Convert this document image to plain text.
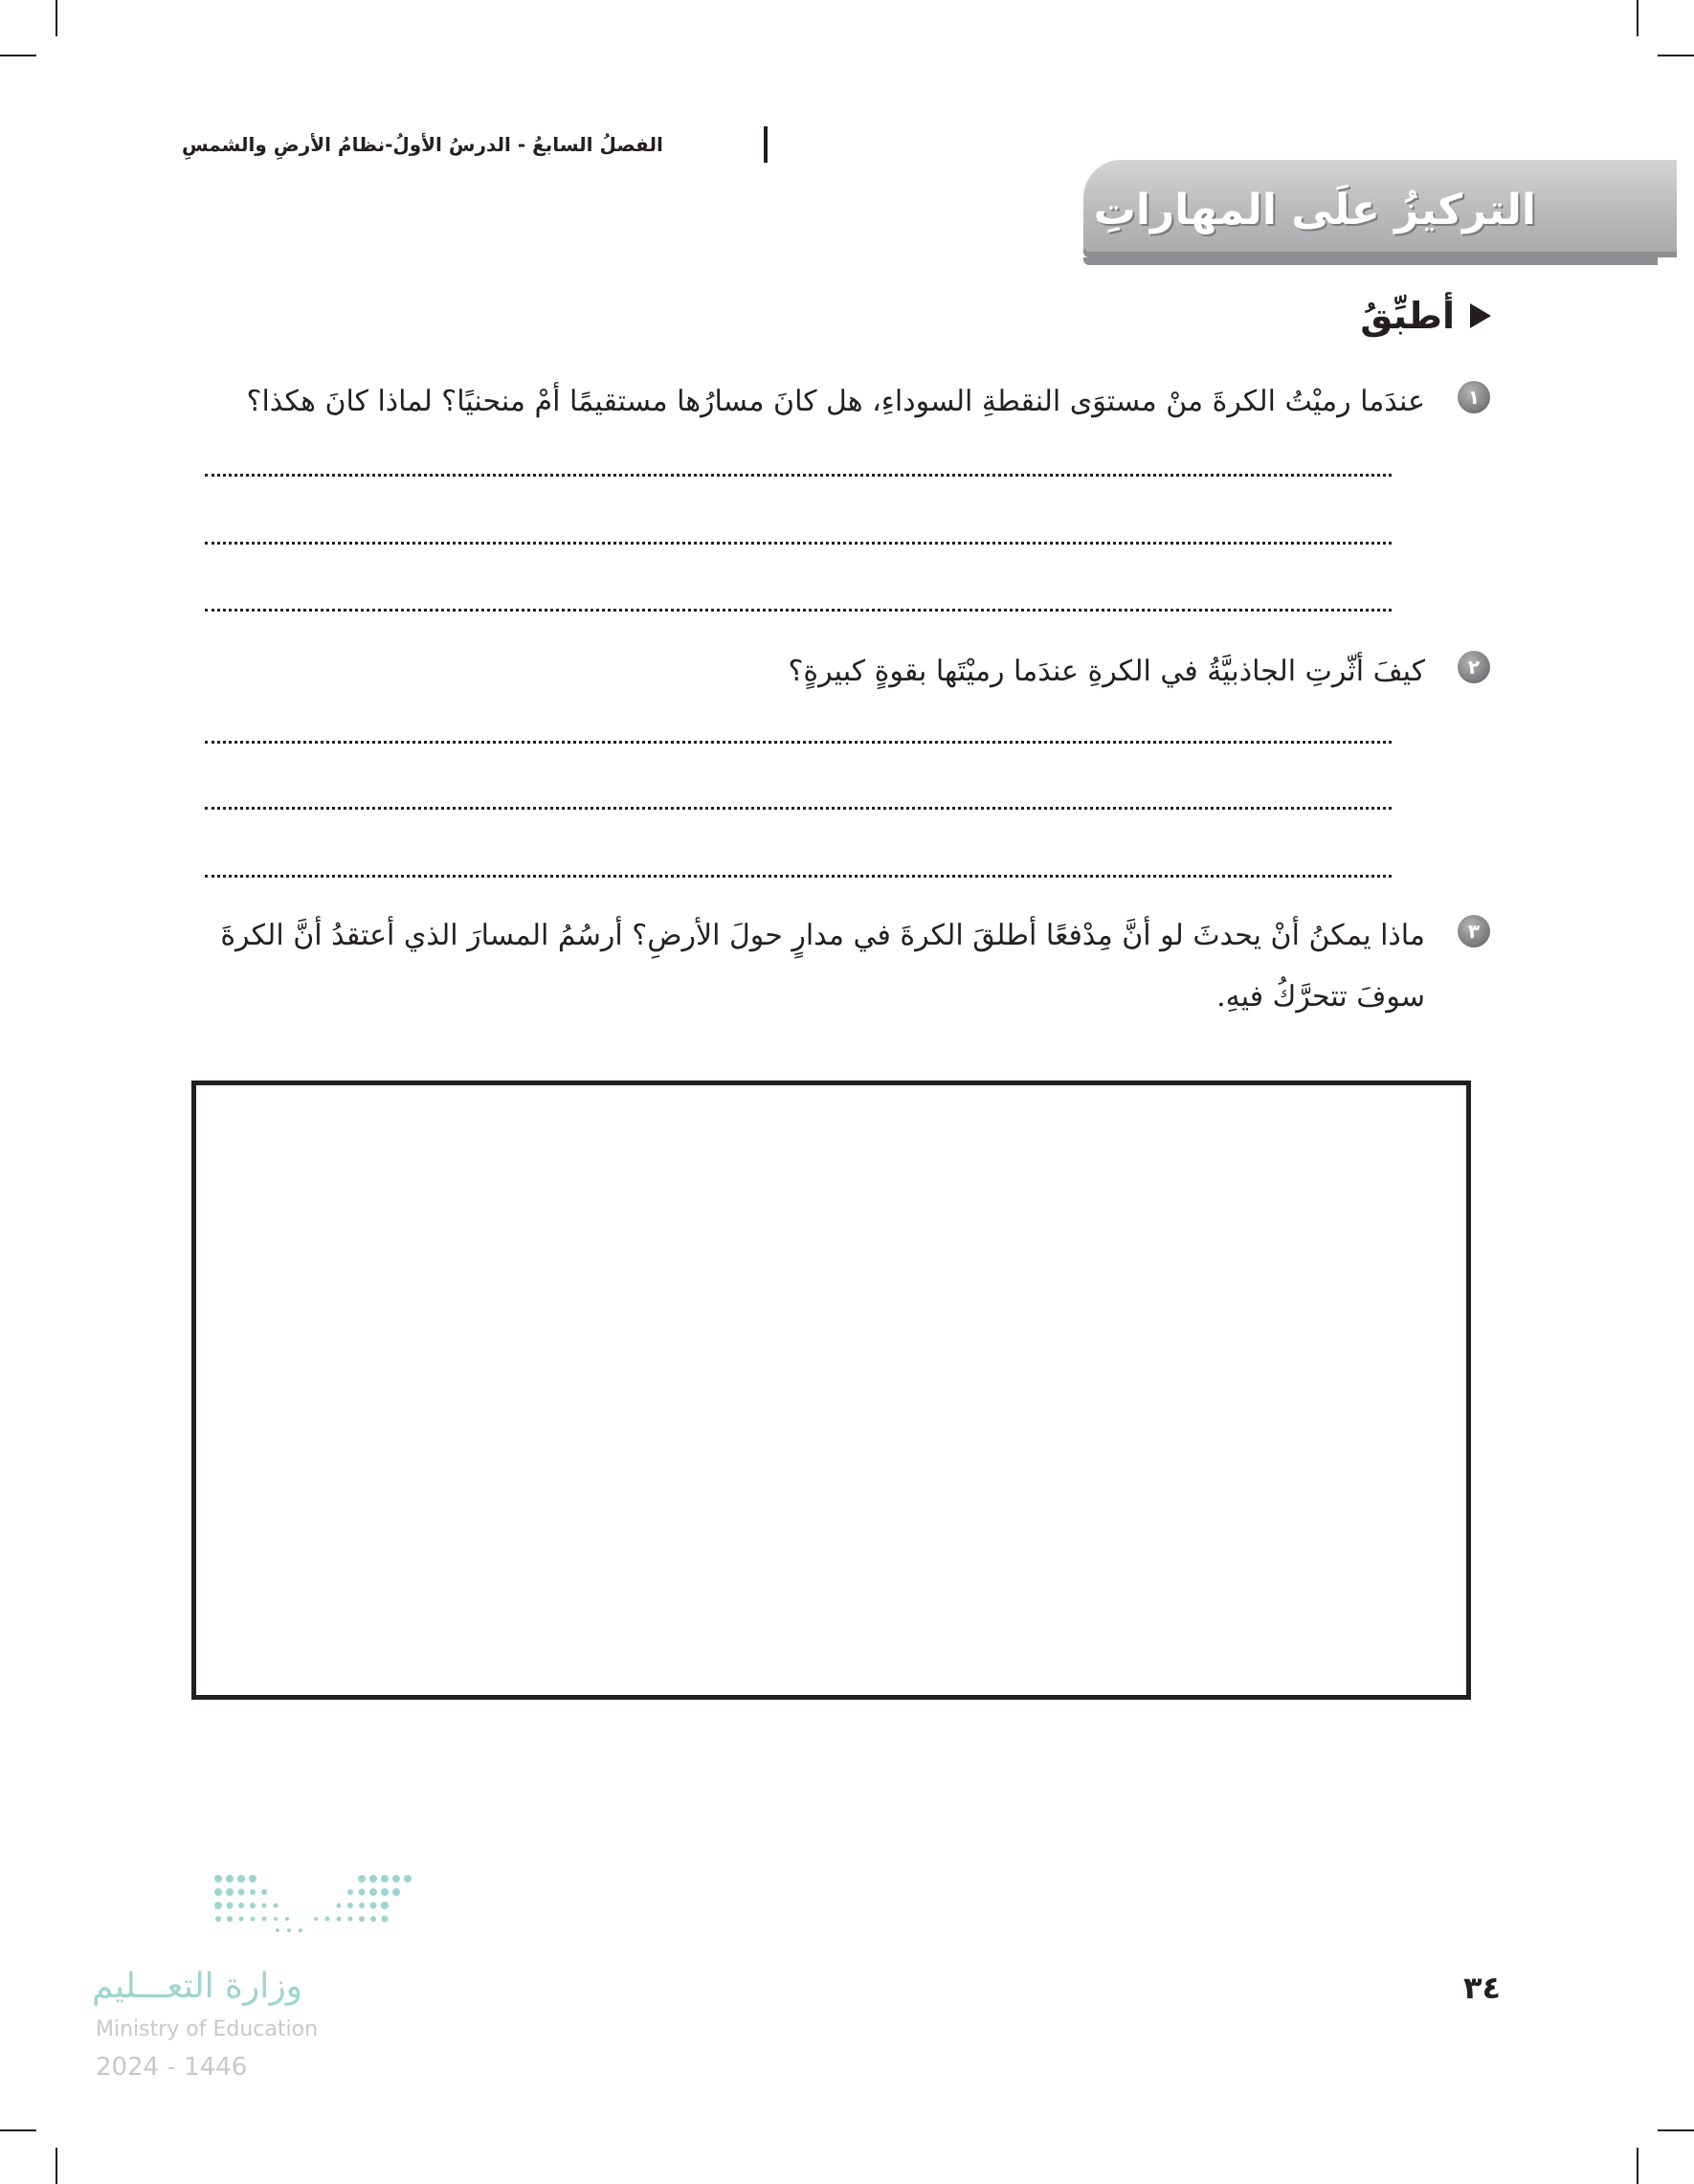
الفصلُ السابعُ - الدرسُ الأولُ-نظامُ الأرضِ والشمسِ
التركيزُ علَى المهاراتِ
أطبِّقُ
١
عندَما رميْتُ الكرةَ منْ مستوَى النقطةِ السوداءِ، هل كانَ مسارُها مستقيمًا أمْ منحنيًا؟ لماذا كانَ هكذا؟
٢
كيفَ أثّرتِ الجاذبيَّةُ في الكرةِ عندَما رميْتَها بقوةٍ كبيرةٍ؟
٣
ماذا يمكنُ أنْ يحدثَ لو أنَّ مِدْفعًا أطلقَ الكرةَ في مدارٍ حولَ الأرضِ؟ أرسُمُ المسارَ الذي أعتقدُ أنَّ الكرةَ سوفَ تتحرَّكُ فيهِ.
وزارة التعـــليم
Ministry of Education
2024 - 1446
٣٤
